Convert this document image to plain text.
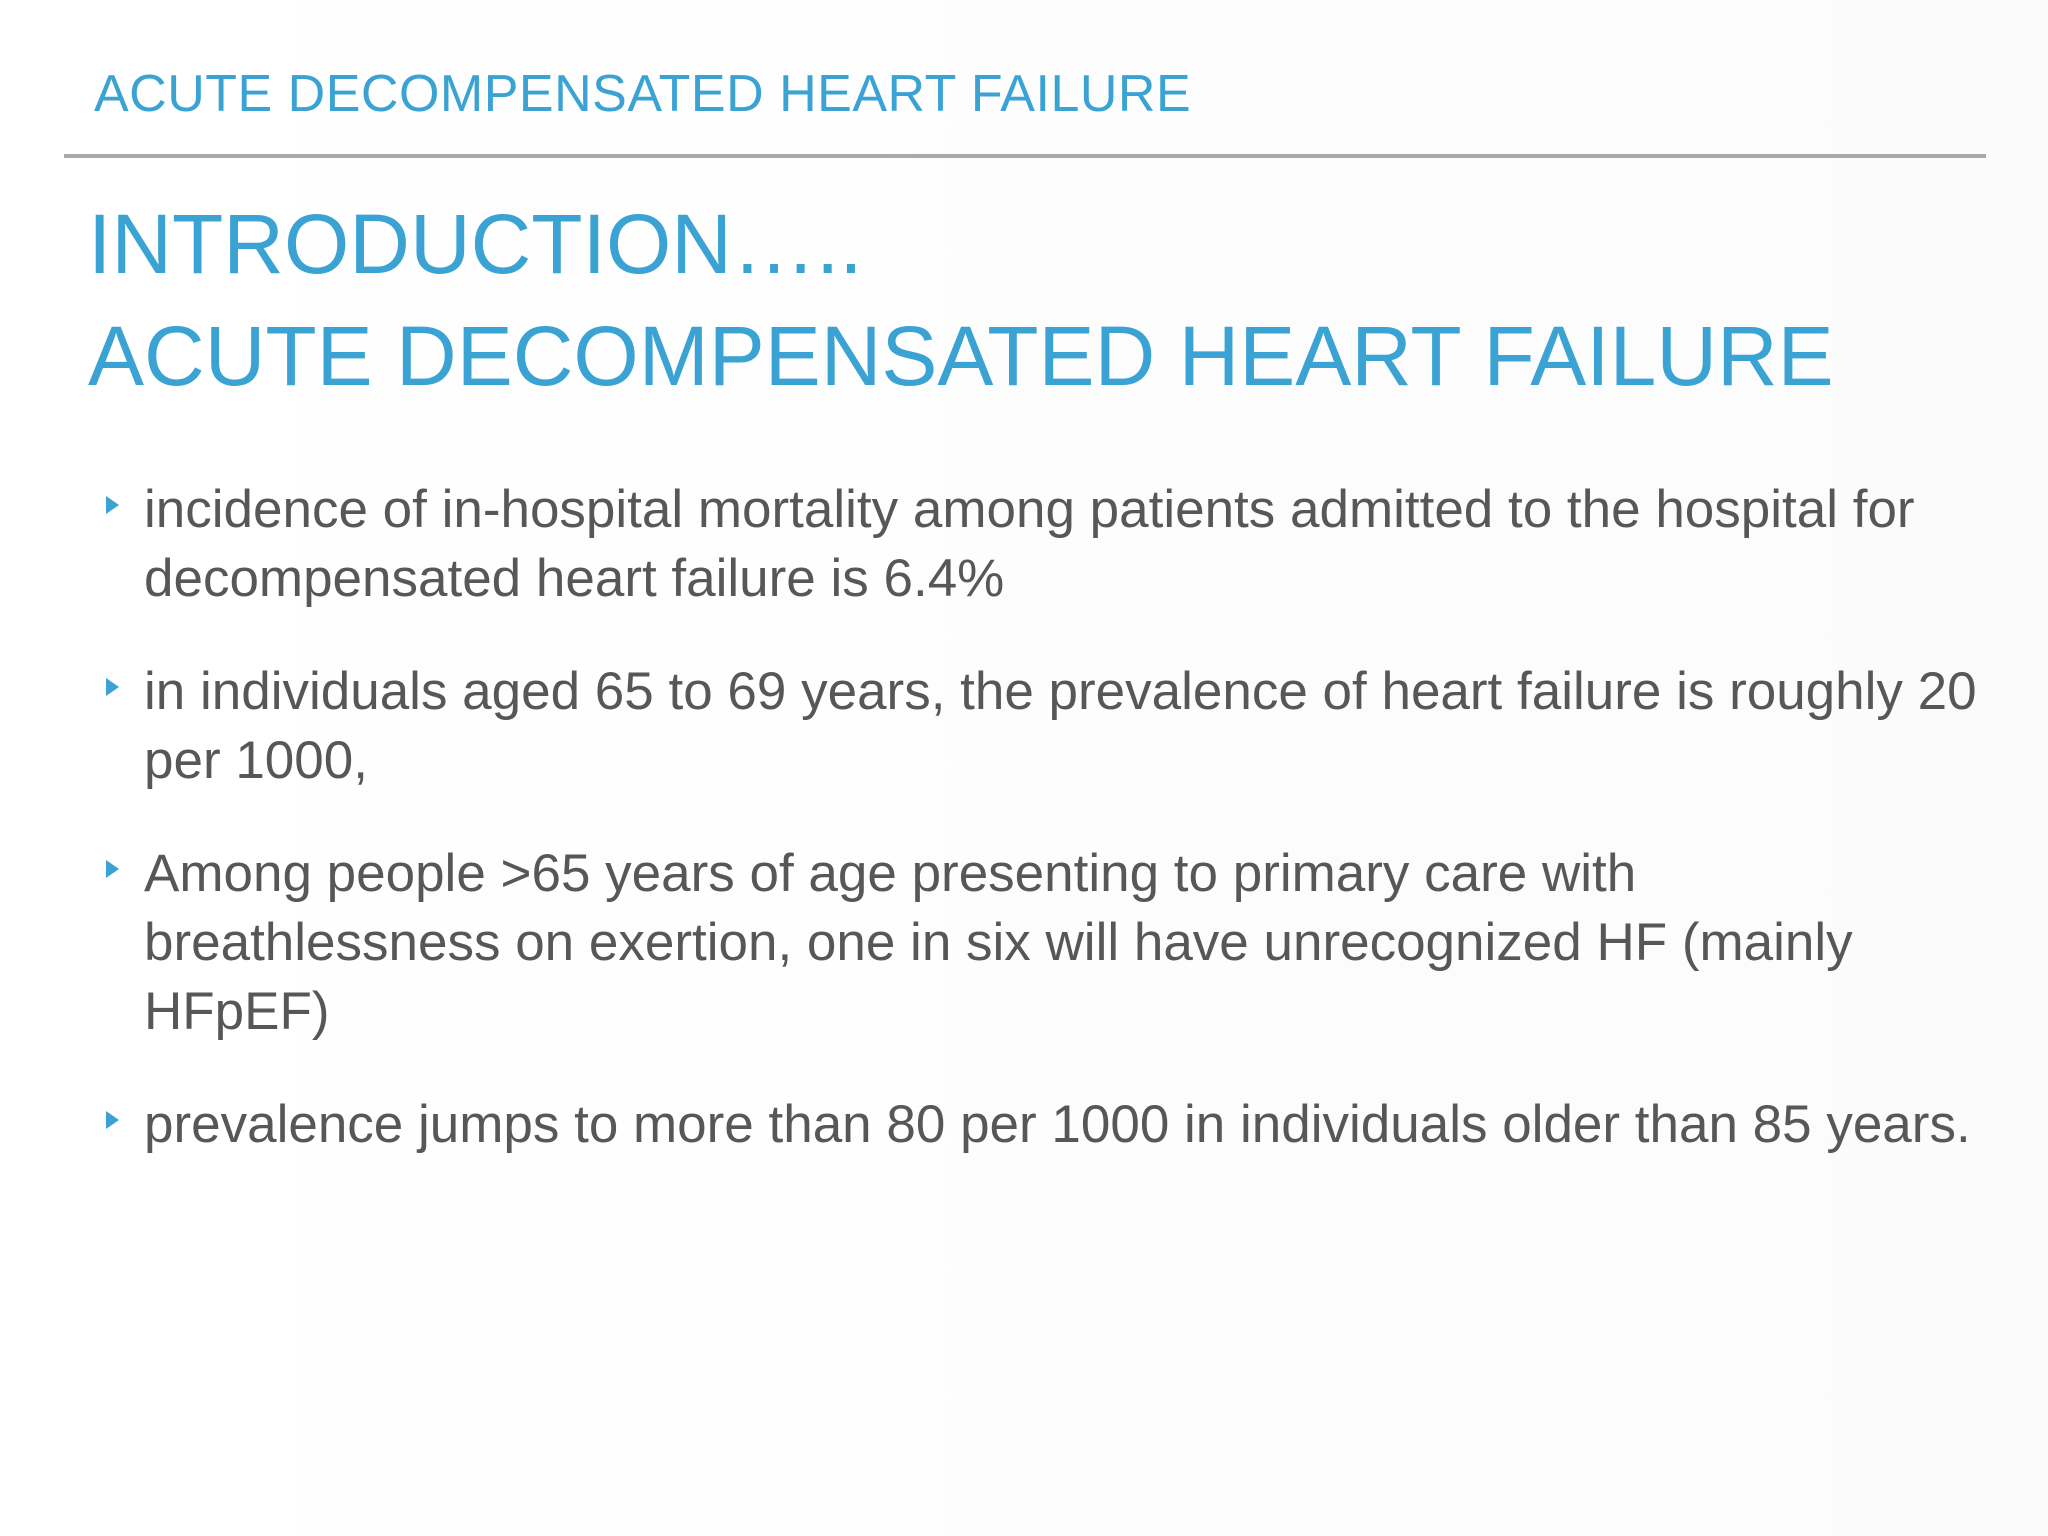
ACUTE DECOMPENSATED HEART FAILURE
INTRODUCTION…..
ACUTE DECOMPENSATED HEART FAILURE
incidence of in-hospital mortality among patients admitted to the hospital for decompensated heart failure is 6.4%
in individuals aged 65 to 69 years, the prevalence of heart failure is roughly 20 per 1000,
Among people >65 years of age presenting to primary care with breathlessness on exertion, one in six will have unrecognized HF (mainly HFpEF)
prevalence jumps to more than 80 per 1000 in individuals older than 85 years.
